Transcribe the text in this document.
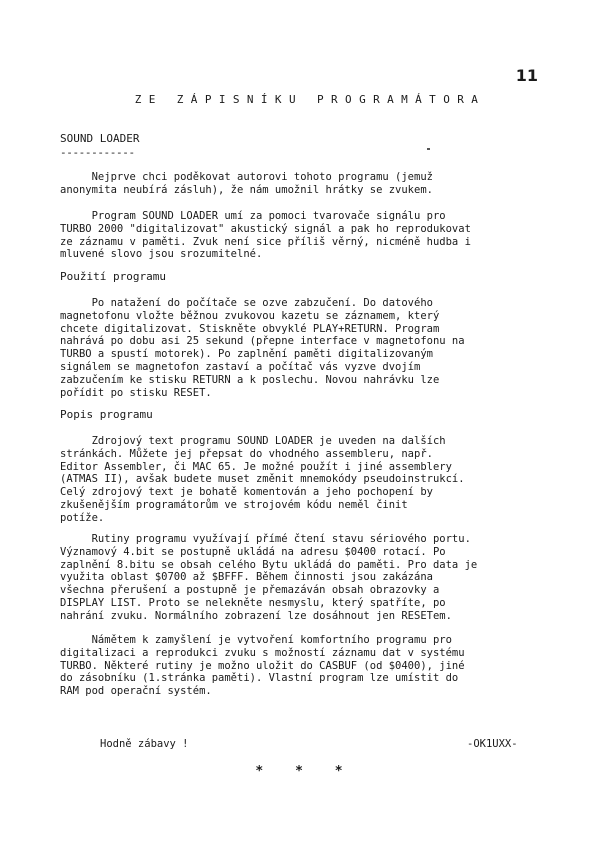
11
ZE ZÁPISNÍKU PROGRAMÁTORA
SOUND LOADER
------------

Nejprve chci poděkovat autorovi tohoto programu (jemuž
anonymita neubírá zásluh), že nám umožnil hrátky se zvukem.

Program SOUND LOADER umí za pomoci tvarovače signálu pro
TURBO 2000 "digitalizovat" akustický signál a pak ho reprodukovat
ze záznamu v paměti. Zvuk není sice příliš věrný, nicméně hudba i
mluvené slovo jsou srozumitelné.

Použití programu

Po natažení do počítače se ozve zabzučení. Do datového
magnetofonu vložte běžnou zvukovou kazetu se záznamem, který
chcete digitalizovat. Stiskněte obvyklé PLAY+RETURN. Program
nahrává po dobu asi 25 sekund (přepne interface v magnetofonu na
TURBO a spustí motorek). Po zaplnění paměti digitalizovaným
signálem se magnetofon zastaví a počítač vás vyzve dvojím
zabzučením ke stisku RETURN a k poslechu. Novou nahrávku lze
pořídit po stisku RESET.

Popis programu

Zdrojový text programu SOUND LOADER je uveden na dalších
stránkách. Můžete jej přepsat do vhodného assembleru, např.
Editor Assembler, či MAC 65. Je možné použít i jiné assemblery
(ATMAS II), avšak budete muset změnit mnemokódy pseudoinstrukcí.
Celý zdrojový text je bohatě komentován a jeho pochopení by
zkušenějším programátorům ve strojovém kódu neměl činit
potíže.

Rutiny programu využívají přímé čtení stavu sériového portu.
Významový 4.bit se postupně ukládá na adresu $0400 rotací. Po
zaplnění 8.bitu se obsah celého Bytu ukládá do paměti. Pro data je
využita oblast $0700 až $BFFF. Během činnosti jsou zakázána
všechna přerušení a postupně je přemazáván obsah obrazovky a
DISPLAY LIST. Proto se nelekněte nesmyslu, který spatříte, po
nahrání zvuku. Normálního zobrazení lze dosáhnout jen RESETem.

Námětem k zamyšlení je vytvoření komfortního programu pro
digitalizaci a reprodukci zvuku s možností záznamu dat v systému
TURBO. Některé rutiny je možno uložit do CASBUF (od $0400), jiné
do zásobníku (1.stránka paměti). Vlastní program lze umístit do
RAM pod operační systém.

Hodně zábavy !	-OK1UXX-
* * *
